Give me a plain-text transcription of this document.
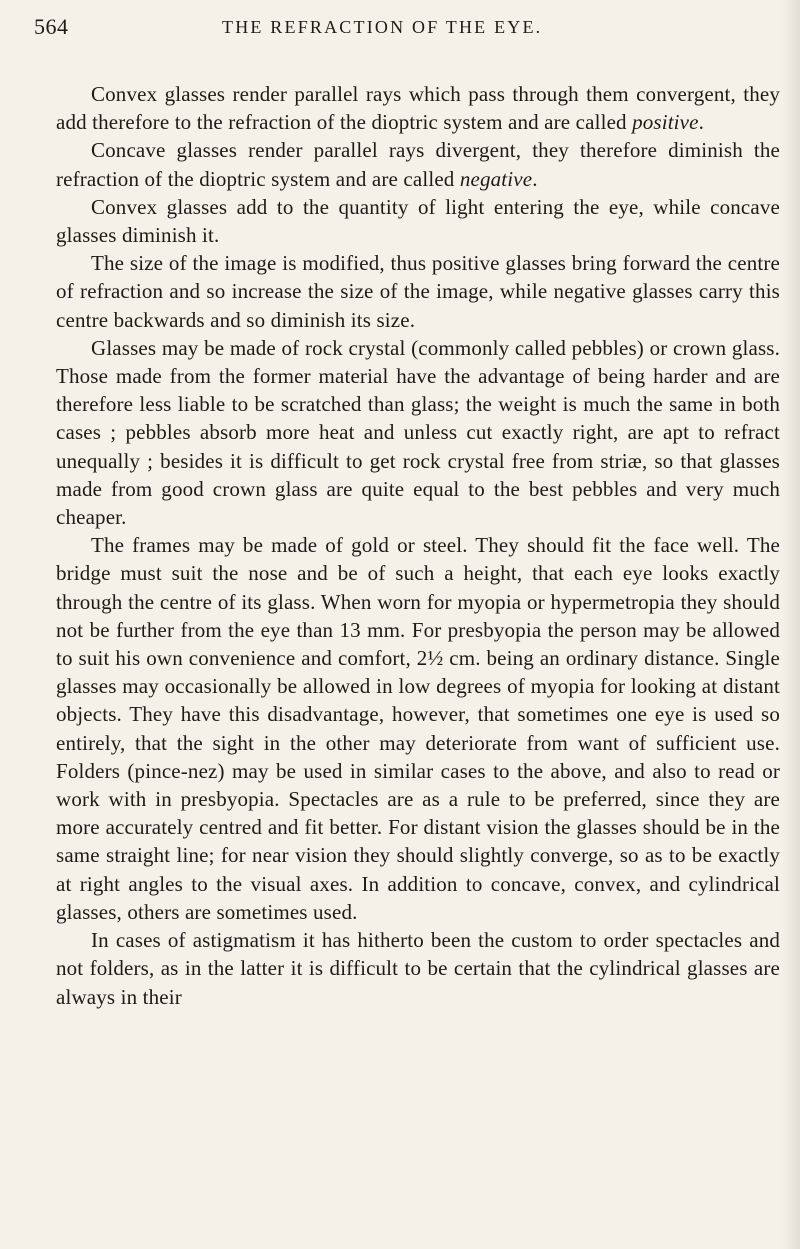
564	THE REFRACTION OF THE EYE.

Convex glasses render parallel rays which pass through them convergent, they add therefore to the refraction of the dioptric system and are called positive.

Concave glasses render parallel rays divergent, they therefore diminish the refraction of the dioptric system and are called negative.

Convex glasses add to the quantity of light entering the eye, while concave glasses diminish it.

The size of the image is modified, thus positive glasses bring forward the centre of refraction and so increase the size of the image, while negative glasses carry this centre backwards and so diminish its size.

Glasses may be made of rock crystal (commonly called pebbles) or crown glass. Those made from the former material have the advantage of being harder and are therefore less liable to be scratched than glass; the weight is much the same in both cases ; pebbles absorb more heat and unless cut exactly right, are apt to refract unequally ; besides it is difficult to get rock crystal free from striæ, so that glasses made from good crown glass are quite equal to the best pebbles and very much cheaper.

The frames may be made of gold or steel. They should fit the face well. The bridge must suit the nose and be of such a height, that each eye looks exactly through the centre of its glass. When worn for myopia or hypermetropia they should not be further from the eye than 13 mm. For presbyopia the person may be allowed to suit his own convenience and comfort, 2½ cm. being an ordinary distance. Single glasses may occasionally be allowed in low degrees of myopia for looking at distant objects. They have this disadvantage, however, that sometimes one eye is used so entirely, that the sight in the other may deteriorate from want of sufficient use. Folders (pince-nez) may be used in similar cases to the above, and also to read or work with in presbyopia. Spectacles are as a rule to be preferred, since they are more accurately centred and fit better. For distant vision the glasses should be in the same straight line; for near vision they should slightly converge, so as to be exactly at right angles to the visual axes. In addition to concave, convex, and cylindrical glasses, others are sometimes used.

In cases of astigmatism it has hitherto been the custom to order spectacles and not folders, as in the latter it is difficult to be certain that the cylindrical glasses are always in their
